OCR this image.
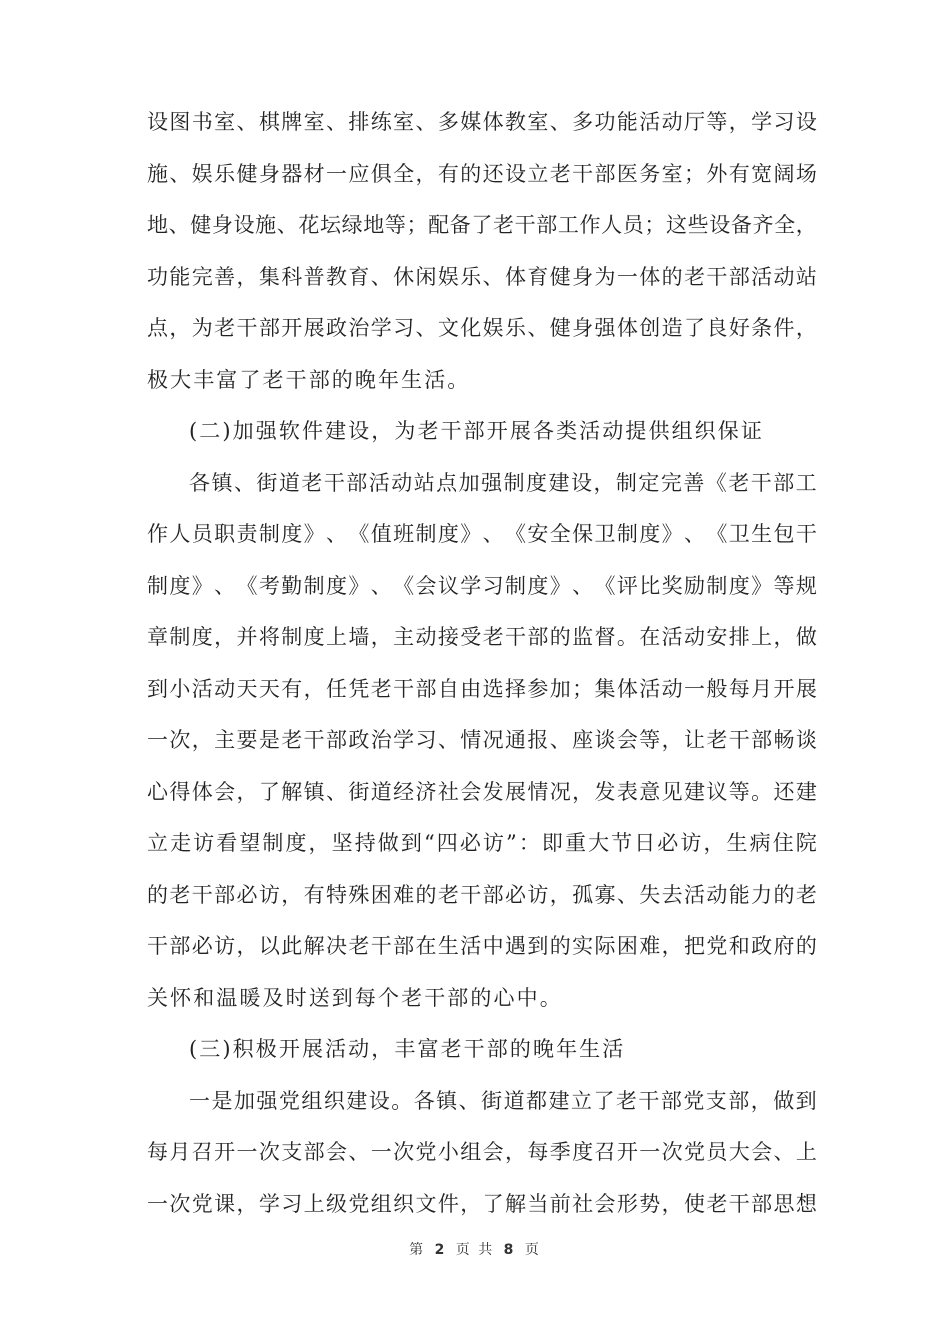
设 图 书 室 、 棋 牌 室 、 排 练 室 、 多 媒 体 教 室 、 多 功 能 活 动 厅 等 ， 学 习 设
施 、 娱 乐 健 身 器 材 一 应 俱 全 ， 有 的 还 设 立 老 干 部 医 务 室 ； 外 有 宽 阔 场
地 、 健 身 设 施 、 花 坛 绿 地 等 ； 配 备 了 老 干 部 工 作 人 员 ； 这 些 设 备 齐 全 ，
功 能 完 善 ， 集 科 普 教 育 、 休 闲 娱 乐 、 体 育 健 身 为 一 体 的 老 干 部 活 动 站
点 ， 为 老 干 部 开 展 政 治 学 习 、 文 化 娱 乐 、 健 身 强 体 创 造 了 良 好 条 件 ，
极大丰富了老干部的晚年生活。
(二)加强软件建设，为老干部开展各类活动提供组织保证
各 镇 、 街 道 老 干 部 活 动 站 点 加 强 制 度 建 设 ， 制 定 完 善 《 老 干 部 工
作 人 员 职 责 制 度 》 、 《 值 班 制 度 》 、 《 安 全 保 卫 制 度 》 、 《 卫 生 包 干
制 度 》 、 《 考 勤 制 度 》 、 《 会 议 学 习 制 度 》 、 《 评 比 奖 励 制 度 》 等 规
章 制 度 ， 并 将 制 度 上 墙 ， 主 动 接 受 老 干 部 的 监 督 。 在 活 动 安 排 上 ， 做
到 小 活 动 天 天 有 ， 任 凭 老 干 部 自 由 选 择 参 加 ； 集 体 活 动 一 般 每 月 开 展
一 次 ， 主 要 是 老 干 部 政 治 学 习 、 情 况 通 报 、 座 谈 会 等 ， 让 老 干 部 畅 谈
心 得 体 会 ， 了 解 镇 、 街 道 经 济 社 会 发 展 情 况 ， 发 表 意 见 建 议 等 。 还 建
立 走 访 看 望 制 度 ， 坚 持 做 到 “ 四 必 访 ” ： 即 重 大 节 日 必 访 ， 生 病 住 院
的 老 干 部 必 访 ， 有 特 殊 困 难 的 老 干 部 必 访 ， 孤 寡 、 失 去 活 动 能 力 的 老
干 部 必 访 ， 以 此 解 决 老 干 部 在 生 活 中 遇 到 的 实 际 困 难 ， 把 党 和 政 府 的
关怀和温暖及时送到每个老干部的心中。
(三)积极开展活动，丰富老干部的晚年生活
一 是 加 强 党 组 织 建 设 。 各 镇 、 街 道 都 建 立 了 老 干 部 党 支 部 ， 做 到
每 月 召 开 一 次 支 部 会 、 一 次 党 小 组 会 ， 每 季 度 召 开 一 次 党 员 大 会 、 上
一 次 党 课 ， 学 习 上 级 党 组 织 文 件 ， 了 解 当 前 社 会 形 势 ， 使 老 干 部 思 想
第 2 页 共 8 页
